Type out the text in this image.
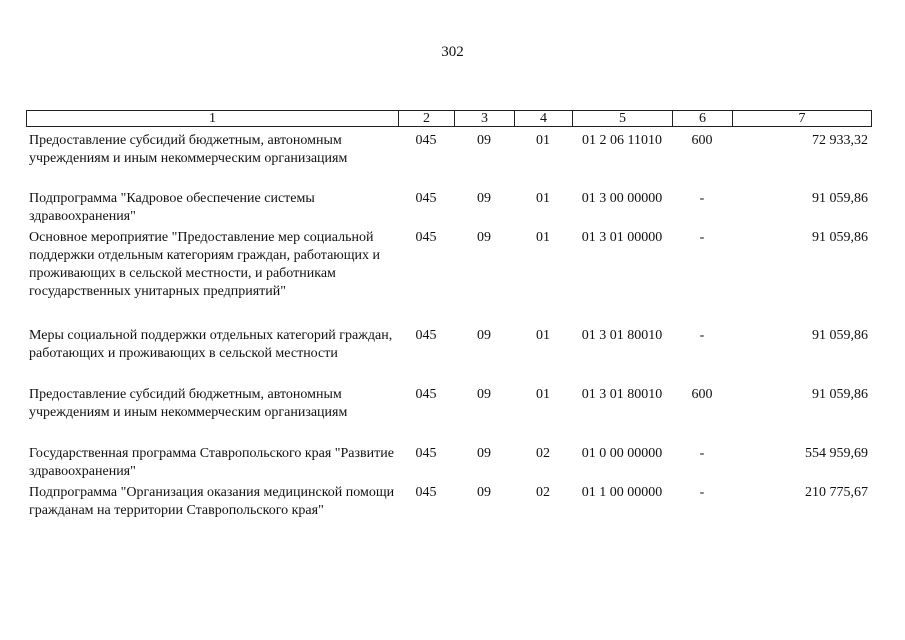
302
1	2	3	4	5	6	7
Предоставление субсидий бюджетным, автономным учреждениям и иным некоммерческим организациям
045	09	01	01 2 06 11010	600	72 933,32
Подпрограмма "Кадровое обеспечение системы здравоохранения"
045	09	01	01 3 00 00000	-	91 059,86
Основное мероприятие "Предоставление мер социальной поддержки отдельным категориям граждан, работающих и проживающих в сельской местности, и работникам государственных унитарных предприятий"
045	09	01	01 3 01 00000	-	91 059,86
Меры социальной поддержки отдельных категорий граждан, работающих и проживающих в сельской местности
045	09	01	01 3 01 80010	-	91 059,86
Предоставление субсидий бюджетным, автономным учреждениям и иным некоммерческим организациям
045	09	01	01 3 01 80010	600	91 059,86
Государственная программа Ставропольского края "Развитие здравоохранения"
045	09	02	01 0 00 00000	-	554 959,69
Подпрограмма "Организация оказания медицинской помощи гражданам на территории Ставропольского края"
045	09	02	01 1 00 00000	-	210 775,67
